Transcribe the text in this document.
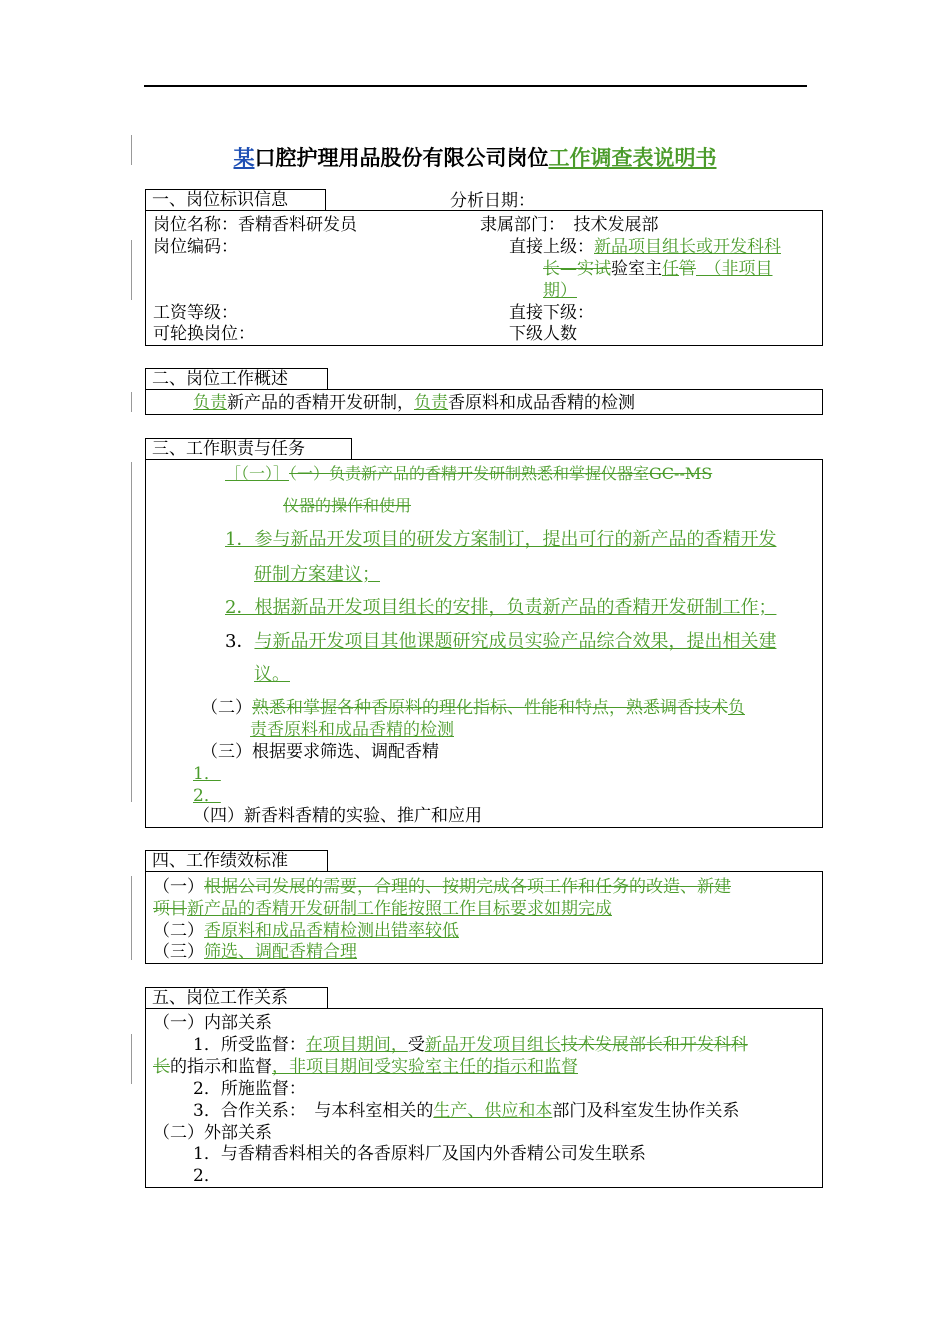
某口腔护理用品股份有限公司岗位工作调查表说明书
一、岗位标识信息	分析日期：
岗位名称：香精香料研发员	隶属部门：　 技术发展部
岗位编码：	直接上级：新品项目组长或开发科科
长—实试验室主任管　（非项目
期）
工资等级：	直接下级：
可轮换岗位：	下级人数
二、岗位工作概述
负责新产品的香精开发研制，负责香原料和成品香精的检测
三、工作职责与任务
［（一）］（一）负责新产品的香精开发研制熟悉和掌握仪器室GC--MS
仪器的操作和使用
1．参与新品开发项目的研发方案制订，提出可行的新产品的香精开发
研制方案建议；
2．根据新品开发项目组长的安排，负责新产品的香精开发研制工作；
3．与新品开发项目其他课题研究成员实验产品综合效果，提出相关建
议。
（二）熟悉和掌握各种香原料的理化指标、性能和特点，熟悉调香技术负
责香原料和成品香精的检测
（三）根据要求筛选、调配香精
1．
2．
（四）新香料香精的实验、推广和应用
四、工作绩效标准
（一）根据公司发展的需要，合理的、按期完成各项工作和任务的改造、新建
项目新产品的香精开发研制工作能按照工作目标要求如期完成
（二）香原料和成品香精检测出错率较低
（三）筛选、调配香精合理
五、岗位工作关系
（一）内部关系
1．所受监督：在项目期间，受新品开发项目组长技术发展部长和开发科科
长的指示和监督，非项目期间受实验室主任的指示和监督
2．所施监督：
3．合作关系：　 与本科室相关的生产、供应和本部门及科室发生协作关系
（二）外部关系
1．与香精香料相关的各香原料厂及国内外香精公司发生联系
2．
